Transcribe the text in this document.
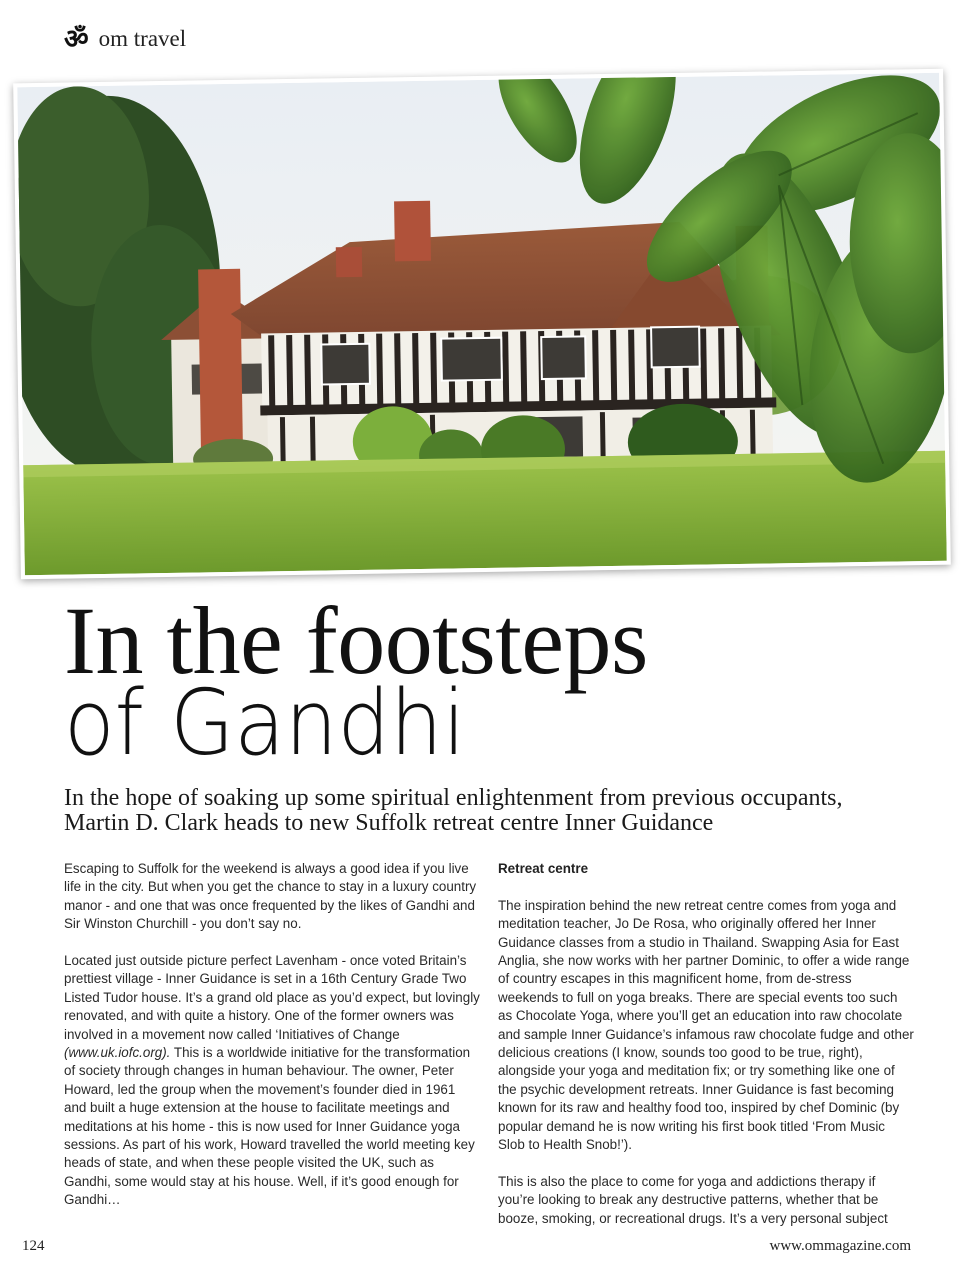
ॐ om travel
In the footsteps
of Gandhi

In the hope of soaking up some spiritual enlightenment from previous occupants,
Martin D. Clark heads to new Suffolk retreat centre Inner Guidance

Escaping to Suffolk for the weekend is always a good idea if you live life in the city. But when you get the chance to stay in a luxury country manor - and one that was once frequented by the likes of Gandhi and Sir Winston Churchill - you don’t say no.

Located just outside picture perfect Lavenham - once voted Britain’s prettiest village - Inner Guidance is set in a 16th Century Grade Two Listed Tudor house. It’s a grand old place as you’d expect, but lovingly renovated, and with quite a history. One of the former owners was involved in a movement now called ‘Initiatives of Change (www.uk.iofc.org). This is a worldwide initiative for the transformation of society through changes in human behaviour. The owner, Peter Howard, led the group when the movement’s founder died in 1961 and built a huge extension at the house to facilitate meetings and meditations at his home - this is now used for Inner Guidance yoga sessions. As part of his work, Howard travelled the world meeting key heads of state, and when these people visited the UK, such as Gandhi, some would stay at his house. Well, if it’s good enough for Gandhi…

Retreat centre

The inspiration behind the new retreat centre comes from yoga and meditation teacher, Jo De Rosa, who originally offered her Inner Guidance classes from a studio in Thailand. Swapping Asia for East Anglia, she now works with her partner Dominic, to offer a wide range of country escapes in this magnificent home, from de-stress weekends to full on yoga breaks. There are special events too such as Chocolate Yoga, where you’ll get an education into raw chocolate and sample Inner Guidance’s infamous raw chocolate fudge and other delicious creations (I know, sounds too good to be true, right), alongside your yoga and meditation fix; or try something like one of the psychic development retreats. Inner Guidance is fast becoming known for its raw and healthy food too, inspired by chef Dominic (by popular demand he is now writing his first book titled ‘From Music Slob to Health Snob!’).

This is also the place to come for yoga and addictions therapy if you’re looking to break any destructive patterns, whether that be booze, smoking, or recreational drugs. It’s a very personal subject

124	www.ommagazine.com
